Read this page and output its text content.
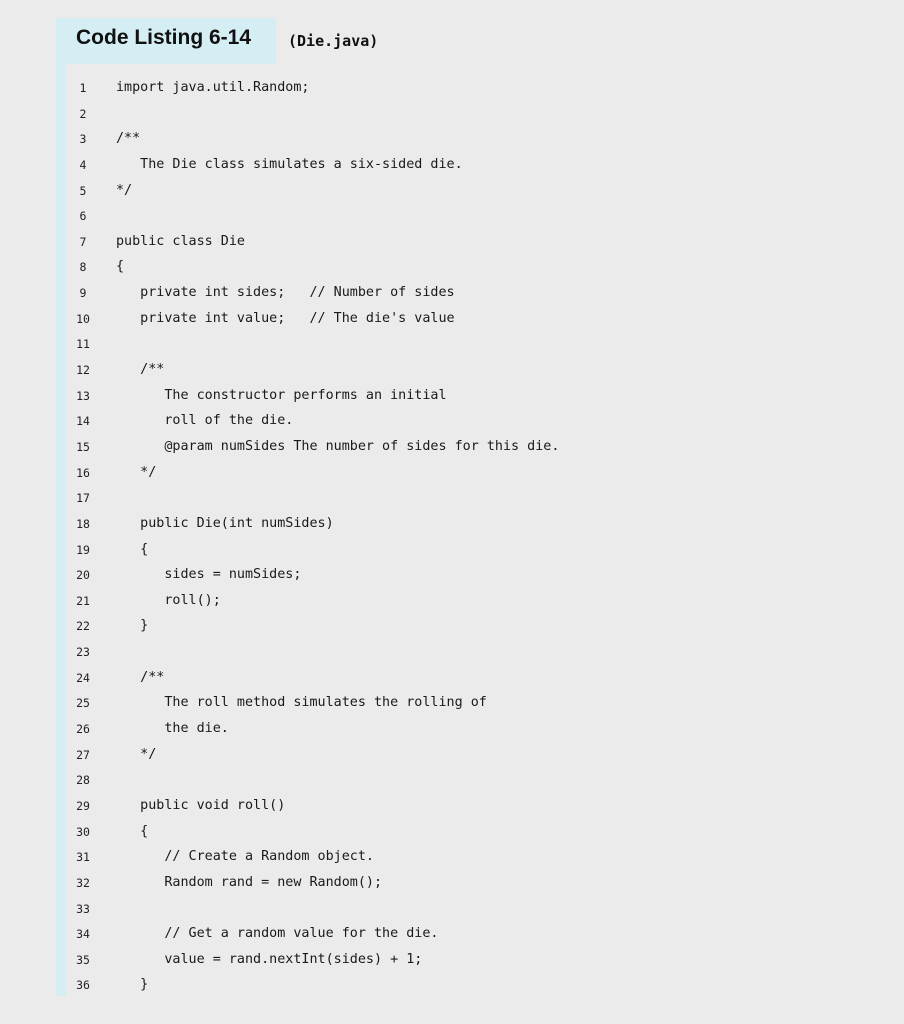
Code Listing 6-14 (Die.java)
1	import java.util.Random;
2
3	/**
4	The Die class simulates a six-sided die.
5	*/
6
7	public class Die
8	{
9	private int sides;   // Number of sides
10	private int value;   // The die's value
11
12	/**
13	The constructor performs an initial
14	roll of the die.
15	@param numSides The number of sides for this die.
16	*/
17
18	public Die(int numSides)
19	{
20	sides = numSides;
21	roll();
22	}
23
24	/**
25	The roll method simulates the rolling of
26	the die.
27	*/
28
29	public void roll()
30	{
31	// Create a Random object.
32	Random rand = new Random();
33
34	// Get a random value for the die.
35	value = rand.nextInt(sides) + 1;
36	}
